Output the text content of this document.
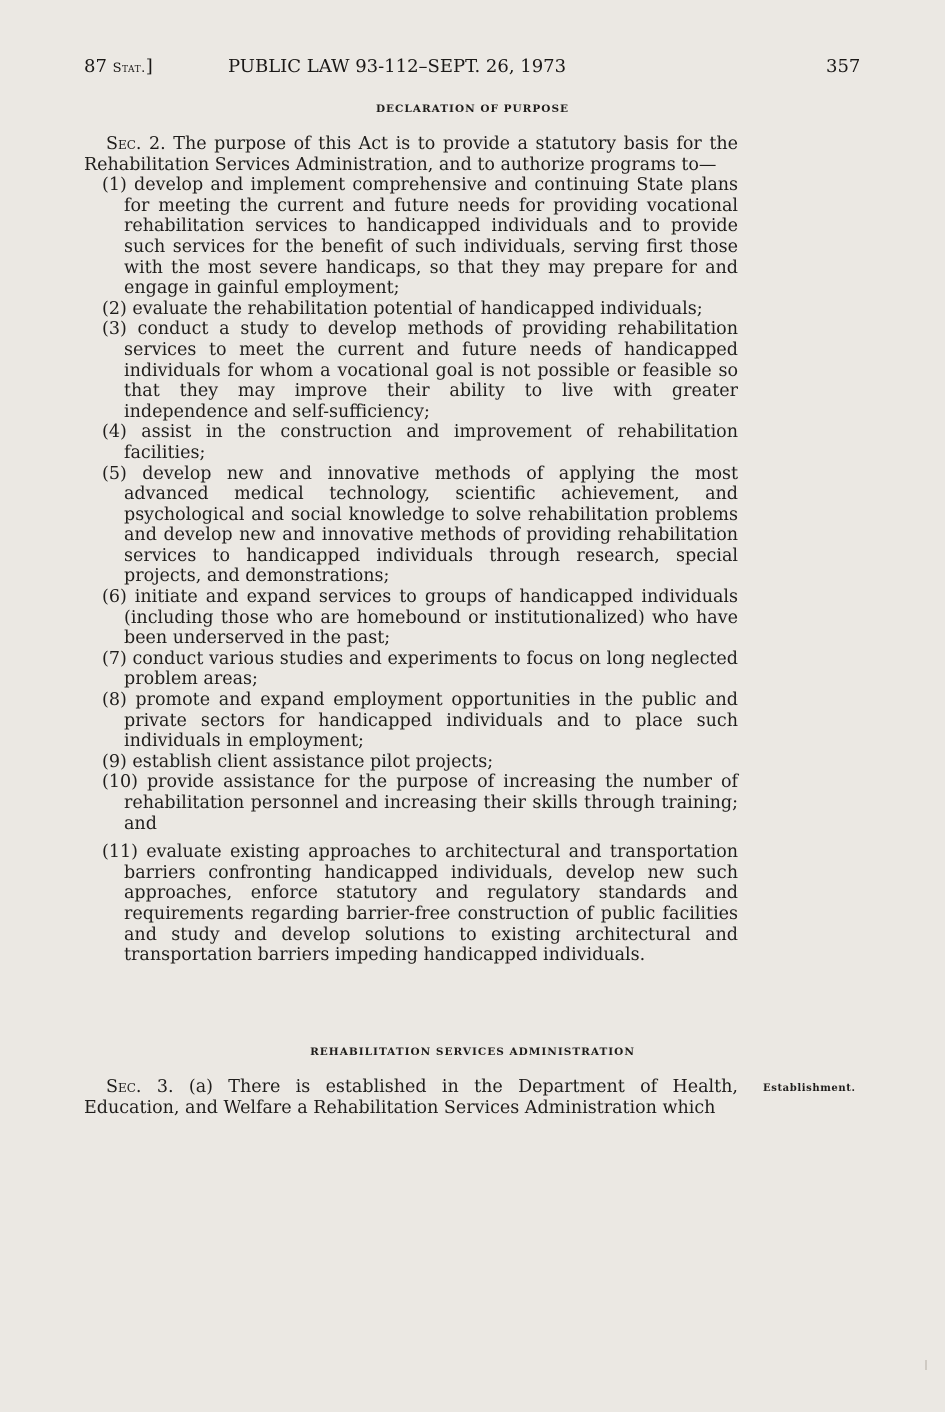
87 Stat.]	PUBLIC LAW 93-112–SEPT. 26, 1973	357
DECLARATION OF PURPOSE

Sec. 2. The purpose of this Act is to provide a statutory basis for the Rehabilitation Services Administration, and to authorize programs to—

(1) develop and implement comprehensive and continuing State plans for meeting the current and future needs for providing vocational rehabilitation services to handicapped individuals and to provide such services for the benefit of such individuals, serving first those with the most severe handicaps, so that they may prepare for and engage in gainful employment;

(2) evaluate the rehabilitation potential of handicapped individuals;

(3) conduct a study to develop methods of providing rehabilitation services to meet the current and future needs of handicapped individuals for whom a vocational goal is not possible or feasible so that they may improve their ability to live with greater independence and self-sufficiency;

(4) assist in the construction and improvement of rehabilitation facilities;

(5) develop new and innovative methods of applying the most advanced medical technology, scientific achievement, and psychological and social knowledge to solve rehabilitation problems and develop new and innovative methods of providing rehabilitation services to handicapped individuals through research, special projects, and demonstrations;

(6) initiate and expand services to groups of handicapped individuals (including those who are homebound or institutionalized) who have been underserved in the past;

(7) conduct various studies and experiments to focus on long neglected problem areas;

(8) promote and expand employment opportunities in the public and private sectors for handicapped individuals and to place such individuals in employment;

(9) establish client assistance pilot projects;

(10) provide assistance for the purpose of increasing the number of rehabilitation personnel and increasing their skills through training; and

(11) evaluate existing approaches to architectural and transportation barriers confronting handicapped individuals, develop new such approaches, enforce statutory and regulatory standards and requirements regarding barrier-free construction of public facilities and study and develop solutions to existing architectural and transportation barriers impeding handicapped individuals.

REHABILITATION SERVICES ADMINISTRATION

Sec. 3. (a) There is established in the Department of Health, Education, and Welfare a Rehabilitation Services Administration which

Establishment.
